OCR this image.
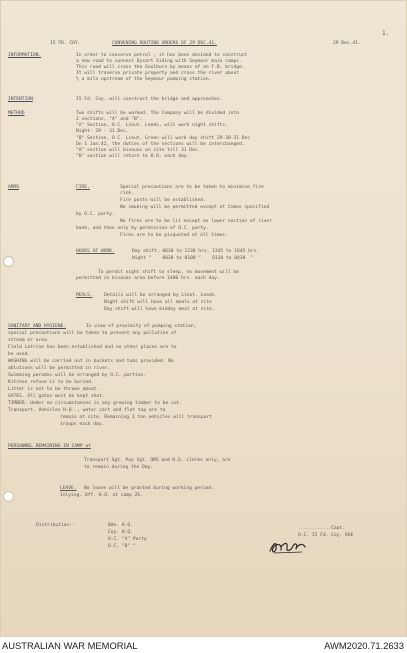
1.
15 FD. COY.	CONVENING ROUTINE ORDERS OF 29 DEC.41.	29 Dec.41.
INFORMATION.	In order to conserve petrol , it has been decided to construct
a new road to connect Dysart Siding with Seymour main camps.
This road will cross the Goulburn by means of an F.B. bridge.
It will traverse private property and cross the river about
½ a mile upstream of the Seymour pumping station.
INTENTION	15 Fd. Coy. will construct the bridge and approaches.
METHOD	Two shifts will be worked. The Company will be divided into
2 sections, "A" and "B".
"A" Section, O.C. Lieut. Leeds, will work night shifts.
Night- 29 - 31 Dec.
"B" Section, O.C. Lieut. Green will work day shift 29-30-31 Dec
On 1 Jan.42, the duties of the sections will be interchanged.
"A" section will bivouac on site till 31 Dec.
"B" section will return to H.Q. each day.
ARMS	FIRE.	Special precautions are to be taken to minimise fire
risk.
Fire posts will be established.
No smoking will be permitted except at times specified
by O.C. party.
No fires are to be lit except on lower section of river
bank, and then only by permission of O.C. party.
Fires are to be picqueted at all times.
HOURS OF WORK.	Day shift. 0630 to 1230 hrs. 1345 to 1645 hrs.
Night "    0030 to 0100 "    0130 to 0430  "
To permit night shift to sleep, no movement will be
permitted in bivouac area before 1400 hrs. each day.
MEALS. Details will be arranged by Lieut. Leeds.
Night shift will have all meals at site
Day shift will have midday meal at site.
SANITARY AND HYGIENE.	In view of proximity of pumping station,
special precautions will be taken to prevent any pollution of
stream or area.
Field Latrine has been established and no other places are to
be used.
WASHING will be carried out in buckets and tubs provided. No
ablutions will be permitted in river.
Swimming parades will be arranged by O.C. parties.
Kitchen refuse is to be buried.
Litter is not to be thrown about.
GATES. All gates must be kept shut.
TIMBER. Under no circumstances is any growing timber to be cut.
Transport. Vehicles H.Q. , water cart and flat top are to
remain at site. Remaining 3 ton vehicles will transport
troops each day.
PERSONNEL REMAINING IN CAMP at
Transport Sgt. Pay Sgt. QMS and H.Q. clerks only, are
to remain during the Day.
LEAVE. No leave will be granted during working period.
Inlying. Off. H.Q. at camp 2G.
Distribution:-	Bde. H.Q.
Coy. H.Q.
O.C. "A" Party
O.C. "B" "
............Capt.
O.C. 15 Fd. Coy. RAE
AUSTRALIAN WAR MEMORIAL	AWM2020.71.2633
